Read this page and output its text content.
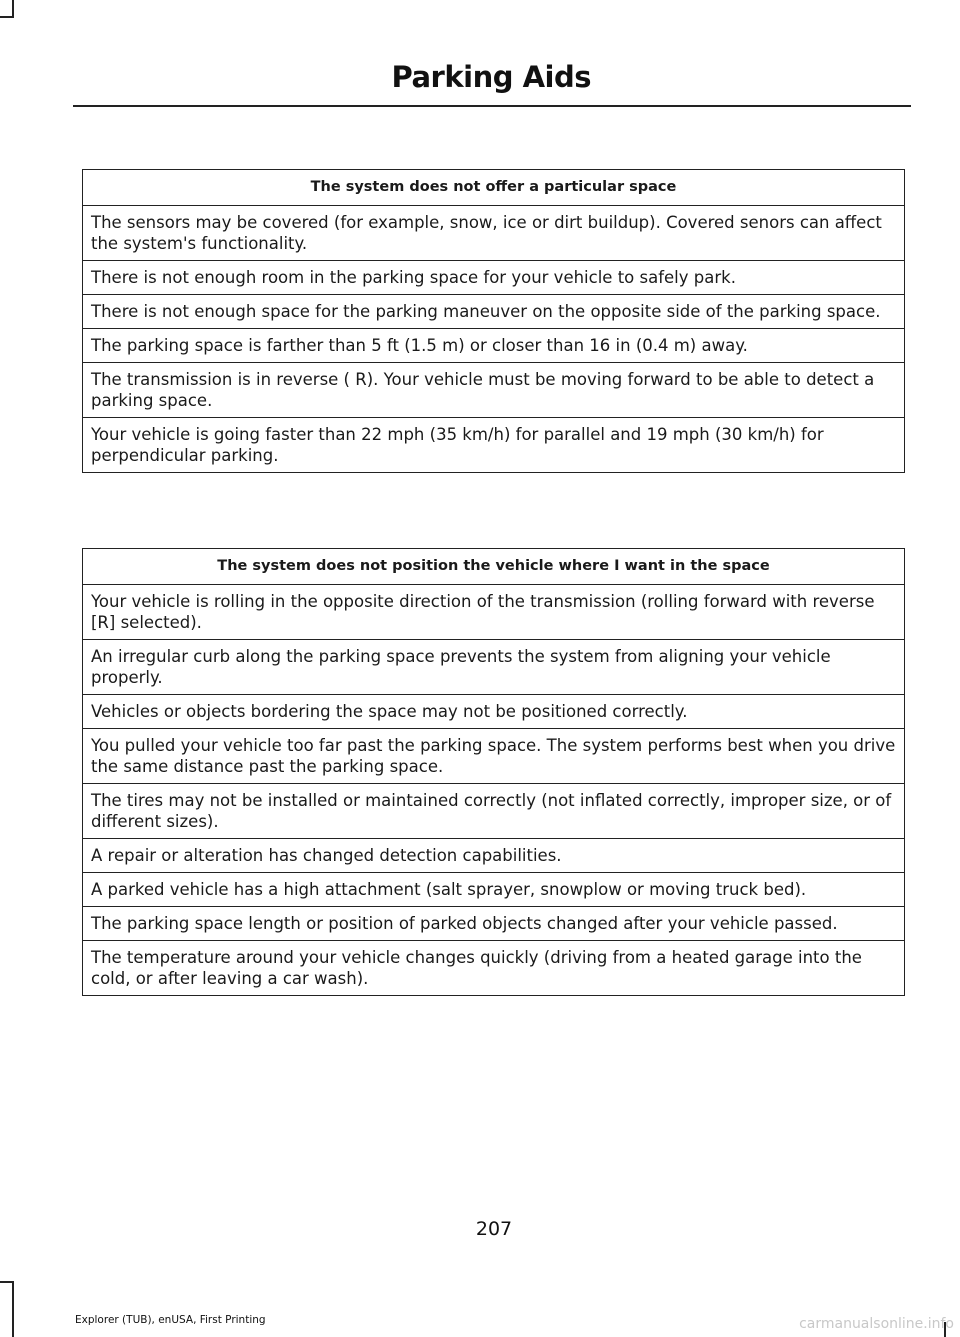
Parking Aids
The system does not offer a particular space
The sensors may be covered (for example, snow, ice or dirt buildup). Covered senors can affect the system's functionality.
There is not enough room in the parking space for your vehicle to safely park.
There is not enough space for the parking maneuver on the opposite side of the parking space.
The parking space is farther than 5 ft (1.5 m) or closer than 16 in (0.4 m) away.
The transmission is in reverse ( R). Your vehicle must be moving forward to be able to detect a parking space.
Your vehicle is going faster than 22 mph (35 km/h) for parallel and 19 mph (30 km/h) for perpendicular parking.
The system does not position the vehicle where I want in the space
Your vehicle is rolling in the opposite direction of the transmission (rolling forward with reverse [R] selected).
An irregular curb along the parking space prevents the system from aligning your vehicle properly.
Vehicles or objects bordering the space may not be positioned correctly.
You pulled your vehicle too far past the parking space. The system performs best when you drive the same distance past the parking space.
The tires may not be installed or maintained correctly (not inflated correctly, improper size, or of different sizes).
A repair or alteration has changed detection capabilities.
A parked vehicle has a high attachment (salt sprayer, snowplow or moving truck bed).
The parking space length or position of parked objects changed after your vehicle passed.
The temperature around your vehicle changes quickly (driving from a heated garage into the cold, or after leaving a car wash).
207
Explorer (TUB), enUSA, First Printing	carmanualsonline.info
